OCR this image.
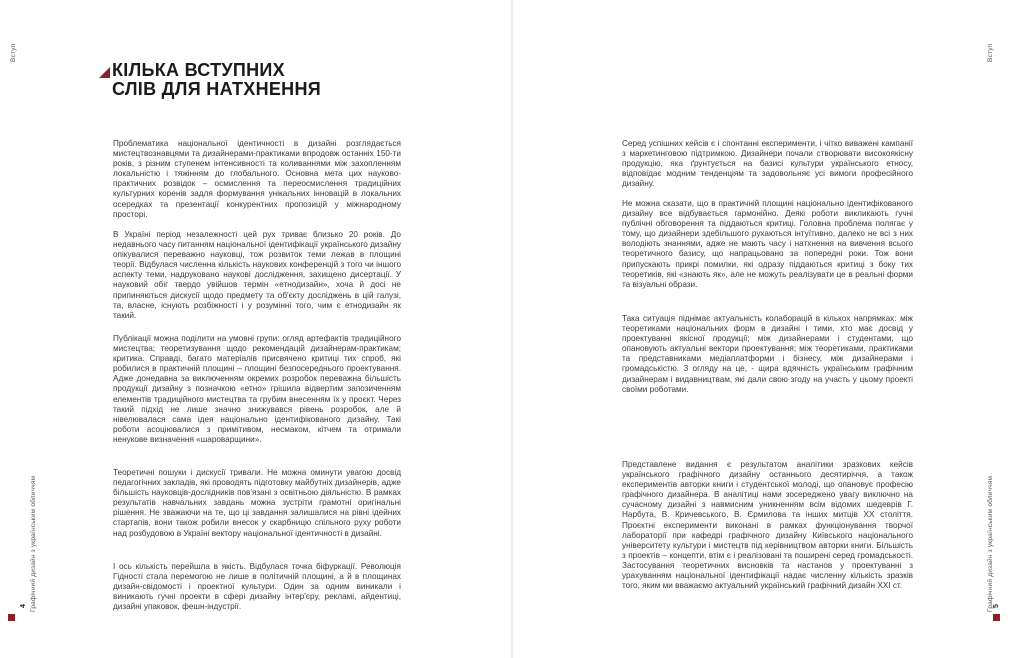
Вступ
Графічний дизайн з українським обличчям
4
КІЛЬКА ВСТУПНИХ
СЛІВ ДЛЯ НАТХНЕННЯ

Проблематика національної ідентичності в дизайні розглядається мистецтвознавцями та дизайнерами-практиками впродовж останніх 150-ти років, з різним ступенем інтенсивності та коливаннями між захопленням локальністю і тяжінням до глобального. Основна мета цих науково-практичних розвідок – осмислення та переосмислення традиційних культурних коренів задля формування унікальних інновацій в локальних осередках та презентації конкурентних пропозицій у міжнародному просторі.

В Україні період незалежності цей рух триває близько 20 років. До недавнього часу питанням національної ідентифікації українського дизайну опікувалися переважно науковці, тож розвиток теми лежав в площині теорії. Відбулася численна кількість наукових конференцій з того чи іншого аспекту теми, надруковано наукові дослідження, захищено дисертації. У науковий обіг твердо увійшов термін «етнодизайн», хоча й досі не припиняються дискусії щодо предмету та об'єкту досліджень в цій галузі, та, власне, існують розбіжності і у розумінні того, чим є етнодизайн як такий.

Публікації можна поділити на умовні групи: огляд артефактів традиційного мистецтва; теоретизування щодо рекомендацій дизайнерам-практикам; критика. Справді, багато матеріалів присвячено критиці тих спроб, які робилися в практичній площині – площині безпосереднього проектування. Адже донедавна за виключенням окремих розробок переважна більшість продукції дизайну з позначкою «етно» грішила відвертим запозиченням елементів традиційного мистецтва та грубим внесенням їх у проєкт. Через такий підхід не лише значно знижувався рівень розробок, але й нівелювалася сама ідея національно ідентифікованого дизайну. Такі роботи асоціювалися з примітивом, несмаком, кітчем та отримали ненукове визначення «шароварщини».

Теоретичні пошуки і дискусії тривали. Не можна оминути увагою досвід педагогічних закладів, які проводять підготовку майбутніх дизайнерів, адже більшість науковців-дослідників пов'язані з освітньою діяльністю. В рамках результатів навчальних завдань можна зустріти грамотні оригінальні рішення. Не зважаючи на те, що ці завдання залишалися на рівні ідейних стартапів, вони також робили внесок у скарбницю спільного руху роботи над розбудовою в Україні вектору національної ідентичності в дизайні.

І ось кількість перейшла в якість. Відбулася точка біфуркації. Революція Гідності стала перемогою не лише в політичній площині, а й в площинах дизайн-свідомості і проектної культури. Один за одним виникали і виникають гучні проекти в сфері дизайну інтер'єру, рекламі, айдентиці, дизайні упаковок, фешн-індустрії.

Вступ
Графічний дизайн з українським обличчям 5

Серед успішних кейсів є і спонтанні експерименти, і чітко виважені кампанії з маркетинговою підтримкою. Дизайнери почали створювати високоякісну продукцію, яка ґрунтується на базисі культури українського етносу, відповідає модним тенденціям та задовольняє усі вимоги професійного дизайну.

Не можна сказати, що в практичній площині національно ідентифікованого дизайну все відбувається гармонійно. Деякі роботи викликають гучні публічні обговорення та піддаються критиці. Головна проблема полягає у тому, що дизайнери здебільшого рухаються інтуїтивно, далеко не всі з них володіють знаннями, адже не мають часу і натхнення на вивчення всього теоретичного базису, що напрацьовано за попередні роки. Тож вони припускають прикрі помилки, які одразу піддаються критиці з боку тих теоретиків, які «знають як», але не можуть реалізувати це в реальні форми та візуальні образи.

Така ситуація піднімає актуальність колаборацій в кількох напрямках: між теоретиками національних форм в дизайні і тими, хто має досвід у проектуванні якісної продукції; між дизайнерами і студентами, що опановують актуальні вектори проектування; між теоретиками, практиками та представниками медіаплатформи і бізнесу, між дизайнерами і громадськістю. З огляду на це, - щира вдячність українським графічним дизайнерам і видавництвам, які дали свою згоду на участь у цьому проекті своїми роботами.

Представлене видання є результатом аналітики зразкових кейсів українського графічного дизайну останнього десятиріччя, а також експериментів авторки книги і студентської молоді, що опановує професію графічного дизайнера. В аналітиці нами зосереджено увагу виключно на сучасному дизайні з навмисним уникненням всім відомих шедеврів Г. Нарбута, В. Кричевського, В. Єрмилова та інших митців ХХ століття. Проєктні експерименти виконані в рамках функціонування творчої лабораторії при кафедрі графічного дизайну Київського національного університету культури і мистецтв під керівництвом авторки книги. Більшість з проектів – концепти, втім є і реалізовані та поширені серед громадськості. Застосування теоретичних висновків та настанов у проектуванні з урахуванням національної ідентифікації надає численну кількість зразків того, яким ми вважаємо актуальний український графічний дизайн ХХІ ст.
